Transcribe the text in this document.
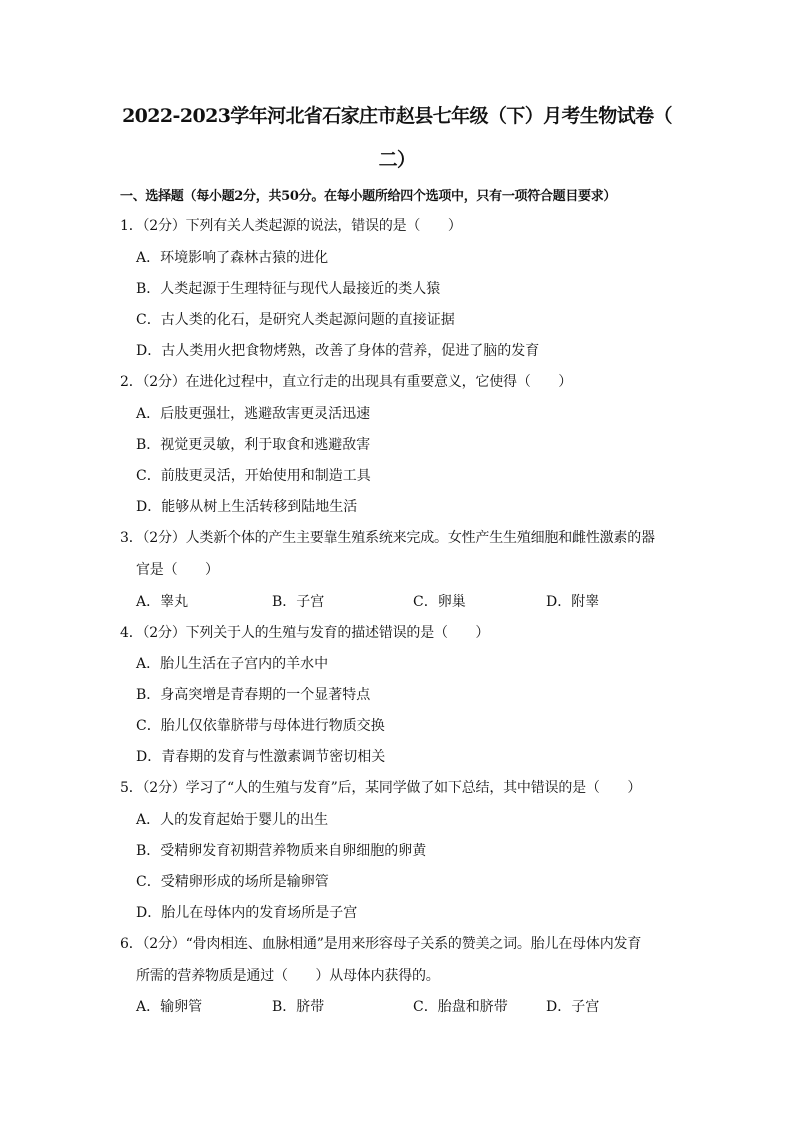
2022-2023学年河北省石家庄市赵县七年级（下）月考生物试卷（
二）
一、选择题（每小题2分，共50分。在每小题所给四个选项中，只有一项符合题目要求）
1．（2分）下列有关人类起源的说法，错误的是（　　）
A．环境影响了森林古猿的进化
B．人类起源于生理特征与现代人最接近的类人猿
C．古人类的化石，是研究人类起源问题的直接证据
D．古人类用火把食物烤熟，改善了身体的营养，促进了脑的发育
2．（2分）在进化过程中，直立行走的出现具有重要意义，它使得（　　）
A．后肢更强壮，逃避敌害更灵活迅速
B．视觉更灵敏，利于取食和逃避敌害
C．前肢更灵活，开始使用和制造工具
D．能够从树上生活转移到陆地生活
3．（2分）人类新个体的产生主要靠生殖系统来完成。女性产生生殖细胞和雌性激素的器
官是（　　）
A．睾丸	B．子宫	C．卵巢	D．附睾
4．（2分）下列关于人的生殖与发育的描述错误的是（　　）
A．胎儿生活在子宫内的羊水中
B．身高突增是青春期的一个显著特点
C．胎儿仅依靠脐带与母体进行物质交换
D．青春期的发育与性激素调节密切相关
5．（2分）学习了“人的生殖与发育”后，某同学做了如下总结，其中错误的是（　　）
A．人的发育起始于婴儿的出生
B．受精卵发育初期营养物质来自卵细胞的卵黄
C．受精卵形成的场所是输卵管
D．胎儿在母体内的发育场所是子宫
6．（2分）“骨肉相连、血脉相通”是用来形容母子关系的赞美之词。胎儿在母体内发育
所需的营养物质是通过（　　）从母体内获得的。
A．输卵管	B．脐带	C．胎盘和脐带	D．子宫
